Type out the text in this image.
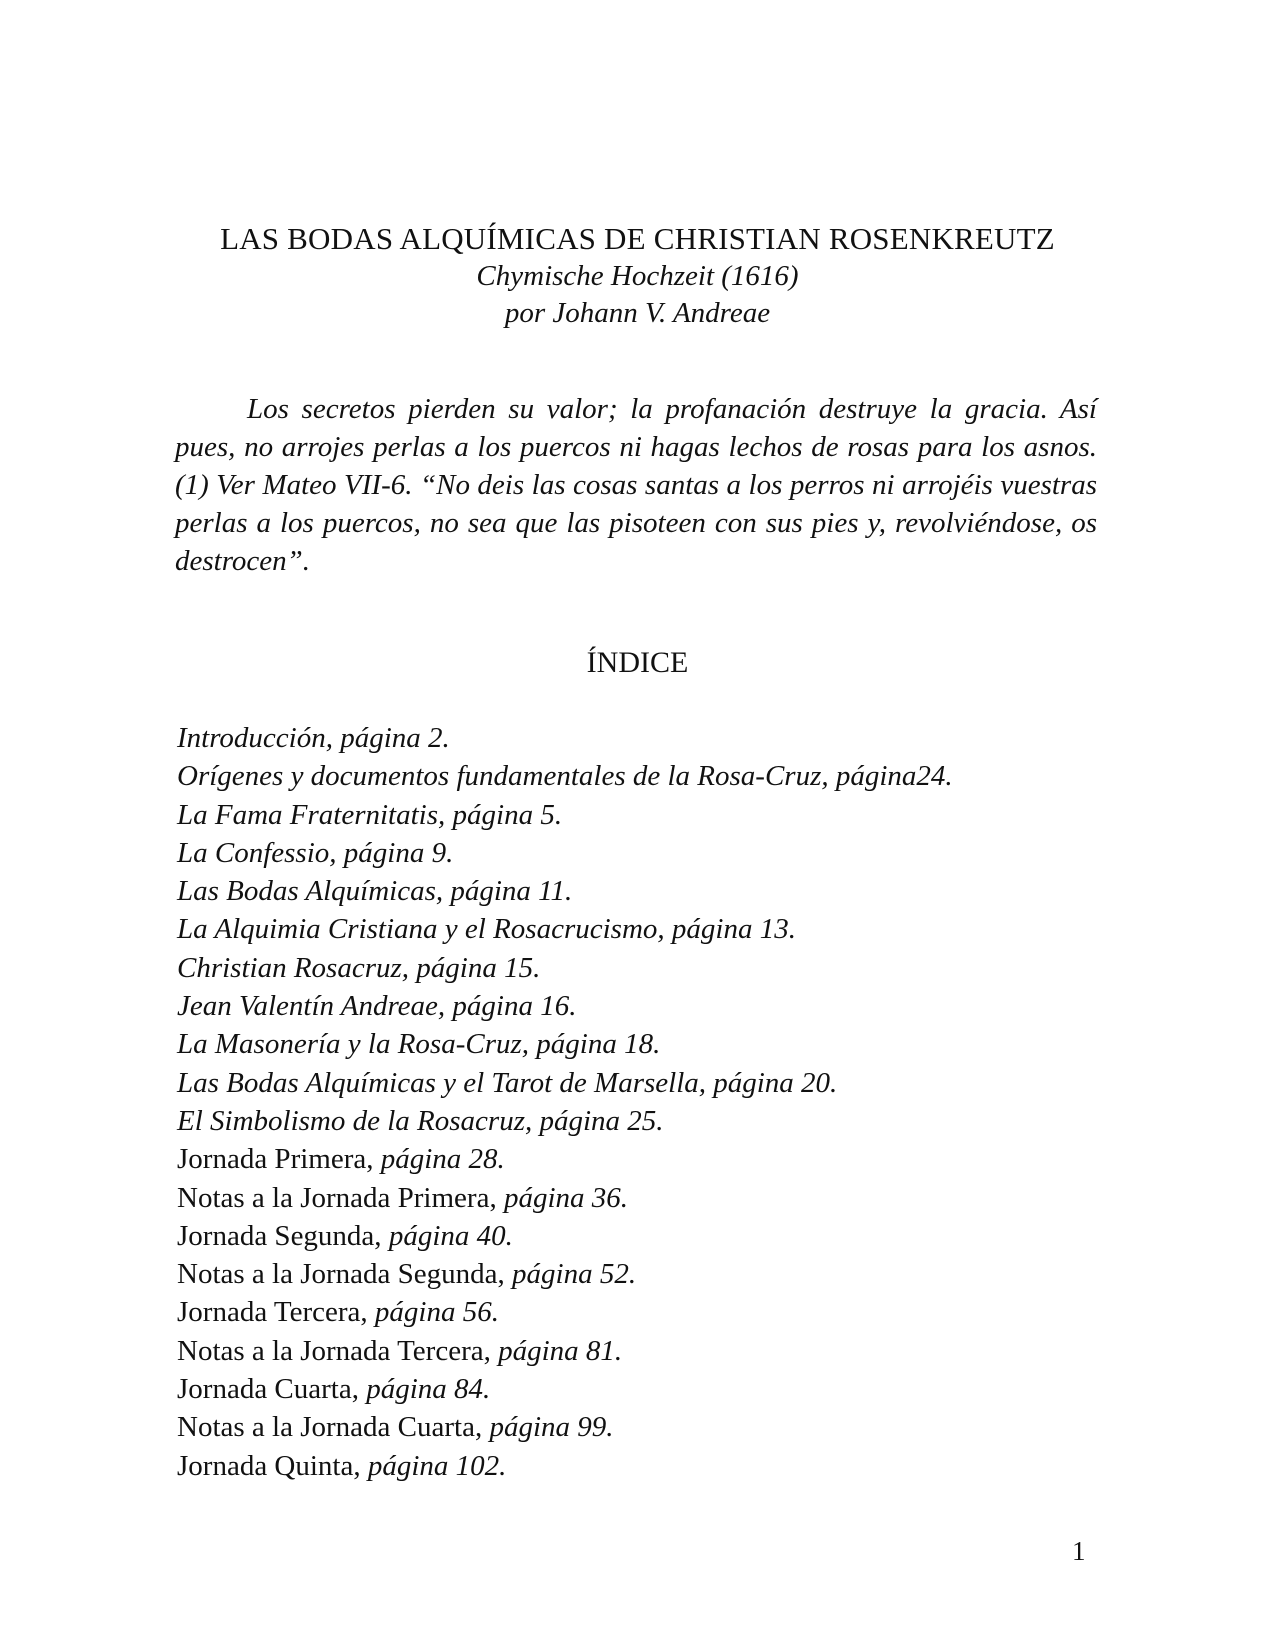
LAS BODAS ALQUÍMICAS DE CHRISTIAN ROSENKREUTZ
Chymische Hochzeit (1616)
por Johann V. Andreae

Los secretos pierden su valor; la profanación destruye la gracia. Así pues, no arrojes perlas a los puercos ni hagas lechos de rosas para los asnos.(1) Ver Mateo VII-6. “No deis las cosas santas a los perros ni arrojéis vuestras perlas a los puercos, no sea que las pisoteen con sus pies y, revolviéndose, os destrocen”.

ÍNDICE
Introducción, página 2.
Orígenes y documentos fundamentales de la Rosa-Cruz, página24.
La Fama Fraternitatis, página 5.
La Confessio, página 9.
Las Bodas Alquímicas, página 11.
La Alquimia Cristiana y el Rosacrucismo, página 13.
Christian Rosacruz, página 15.
Jean Valentín Andreae, página 16.
La Masonería y la Rosa-Cruz, página 18.
Las Bodas Alquímicas y el Tarot de Marsella, página 20.
El Simbolismo de la Rosacruz, página 25.
Jornada Primera, página 28.
Notas a la Jornada Primera, página 36.
Jornada Segunda, página 40.
Notas a la Jornada Segunda, página 52.
Jornada Tercera, página 56.
Notas a la Jornada Tercera, página 81.
Jornada Cuarta, página 84.
Notas a la Jornada Cuarta, página 99.
Jornada Quinta, página 102.
1
